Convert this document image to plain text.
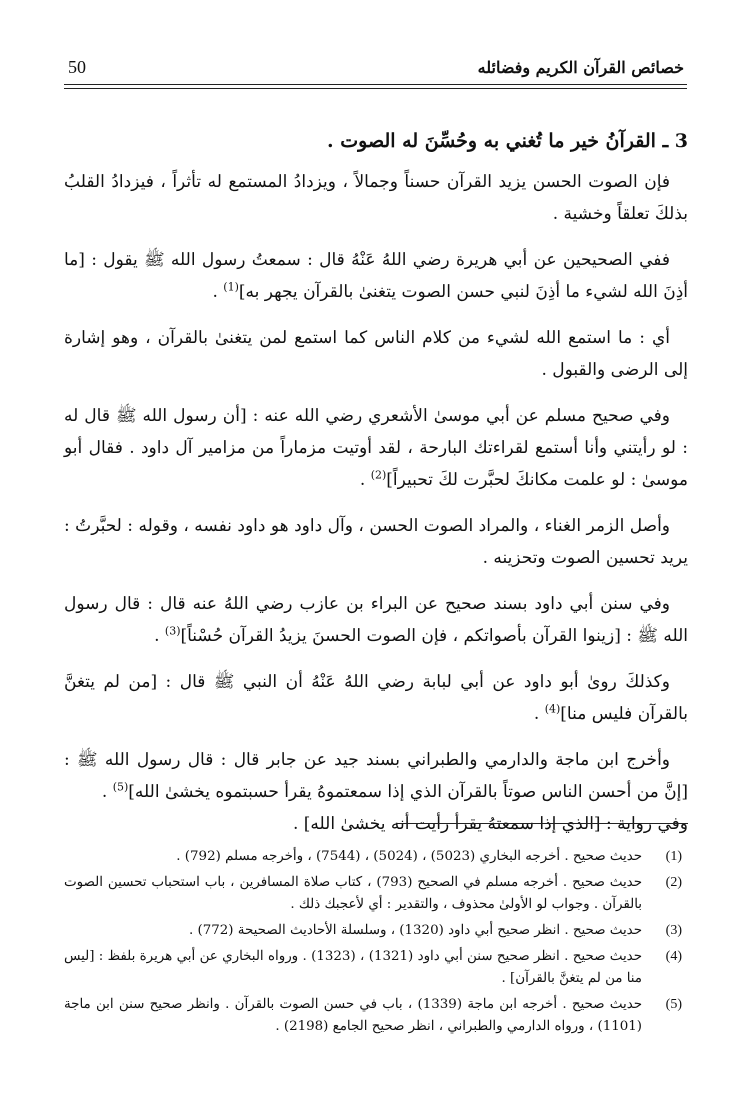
خصائص القرآن الكريم وفضائله
50
3 ـ القرآنُ خير ما تُغني به وحُسِّنَ له الصوت .

فإن الصوت الحسن يزيد القرآن حسناً وجمالاً ، ويزدادُ المستمع له تأثراً ، فيزدادُ القلبُ بذلكَ تعلقاً وخشية .

ففي الصحيحين عن أبي هريرة رضي اللهُ عَنْهُ قال : سمعتُ رسول الله ﷺ يقول : [ما أذِنَ الله لشيء ما أذِنَ لنبي حسن الصوت يتغنىٰ بالقرآن يجهر به]$^{(1)}$ .

أي : ما استمع الله لشيء من كلام الناس كما استمع لمن يتغنىٰ بالقرآن ، وهو إشارة إلى الرضى والقبول .

وفي صحيح مسلم عن أبي موسىٰ الأشعري رضي الله عنه : [أن رسول الله ﷺ قال له : لو رأيتني وأنا أستمع لقراءتك البارحة ، لقد أوتيت مزماراً من مزامير آل داود . فقال أبو موسىٰ : لو علمت مكانكَ لحبَّرت لكَ تحبيراً]$^{(2)}$ .

وأصل الزمر الغناء ، والمراد الصوت الحسن ، وآل داود هو داود نفسه ، وقوله : لحبَّرتُ : يريد تحسين الصوت وتحزينه .

وفي سنن أبي داود بسند صحيح عن البراء بن عازب رضي اللهُ عنه قال : قال رسول الله ﷺ : [زينوا القرآن بأصواتكم ، فإن الصوت الحسنَ يزيدُ القرآن حُسْناً]$^{(3)}$ .

وكذلكَ روىٰ أبو داود عن أبي لبابة رضي اللهُ عَنْهُ أن النبي ﷺ قال : [من لم يتغنَّ بالقرآن فليس منا]$^{(4)}$ .

وأخرج ابن ماجة والدارمي والطبراني بسند جيد عن جابر قال : قال رسول الله ﷺ : [إنَّ من أحسن الناس صوتاً بالقرآن الذي إذا سمعتموهُ يقرأ حسبتموه يخشىٰ الله]$^{(5)}$ .

وفي رواية : [الذي إذا سمعتهُ يقرأ رأيت أنه يخشىٰ الله] .

(1)
حديث صحيح . أخرجه البخاري (5023) ، (5024) ، (7544) ، وأخرجه مسلم (792) .
(2)
حديث صحيح . أخرجه مسلم في الصحيح (793) ، كتاب صلاة المسافرين ، باب استحباب تحسين الصوت بالقرآن . وجواب لو الأولىٰ محذوف ، والتقدير : أي لأعجبك ذلك .
(3)
حديث صحيح . انظر صحيح أبي داود (1320) ، وسلسلة الأحاديث الصحيحة (772) .
(4)
حديث صحيح . انظر صحيح سنن أبي داود (1321) ، (1323) . ورواه البخاري عن أبي هريرة بلفظ : [ليس منا من لم يتغنَّ بالقرآن] .
(5)
حديث صحيح . أخرجه ابن ماجة (1339) ، باب في حسن الصوت بالقرآن . وانظر صحيح سنن ابن ماجة (1101) ، ورواه الدارمي والطبراني ، انظر صحيح الجامع (2198) .
